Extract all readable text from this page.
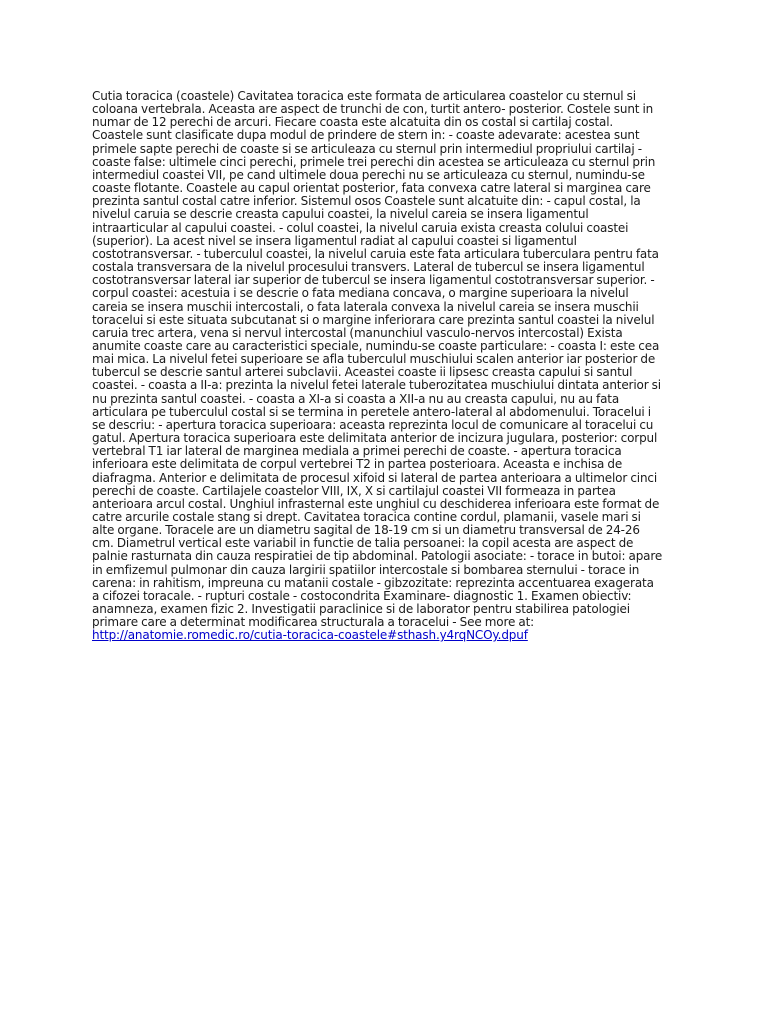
Cutia toracica (coastele) Cavitatea toracica este formata de articularea coastelor cu sternul si coloana vertebrala. Aceasta are aspect de trunchi de con, turtit antero- posterior. Costele sunt in numar de 12 perechi de arcuri. Fiecare coasta este alcatuita din os costal si cartilaj costal. Coastele sunt clasificate dupa modul de prindere de stern in: - coaste adevarate: acestea sunt primele sapte perechi de coaste si se articuleaza cu sternul prin intermediul propriului cartilaj - coaste false: ultimele cinci perechi, primele trei perechi din acestea se articuleaza cu sternul prin intermediul coastei VII, pe cand ultimele doua perechi nu se articuleaza cu sternul, numindu-se coaste flotante. Coastele au capul orientat posterior, fata convexa catre lateral si marginea care prezinta santul costal catre inferior. Sistemul osos Coastele sunt alcatuite din: - capul costal, la nivelul caruia se descrie creasta capului coastei, la nivelul careia se insera ligamentul intraarticular al capului coastei. - colul coastei, la nivelul caruia exista creasta colului coastei (superior). La acest nivel se insera ligamentul radiat al capului coastei si ligamentul costotransversar. - tuberculul coastei, la nivelul caruia este fata articulara tuberculara pentru fata costala transversara de la nivelul procesului transvers. Lateral de tubercul se insera ligamentul costotransversar lateral iar superior de tubercul se insera ligamentul costotransversar superior. - corpul coastei: acestuia i se descrie o fata mediana concava, o margine superioara la nivelul careia se insera muschii intercostali, o fata laterala convexa la nivelul careia se insera muschii toracelui si este situata subcutanat si o margine inferiorara care prezinta santul coastei la nivelul caruia trec artera, vena si nervul intercostal (manunchiul vasculo-nervos intercostal) Exista anumite coaste care au caracteristici speciale, numindu-se coaste particulare: - coasta I: este cea mai mica. La nivelul fetei superioare se afla tuberculul muschiului scalen anterior iar posterior de tubercul se descrie santul arterei subclavii. Aceastei coaste ii lipsesc creasta capului si santul coastei. - coasta a II-a: prezinta la nivelul fetei laterale tuberozitatea muschiului dintata anterior si nu prezinta santul coastei. - coasta a XI-a si coasta a XII-a nu au creasta capului, nu au fata articulara pe tuberculul costal si se termina in peretele antero-lateral al abdomenului. Toracelui i se descriu: - apertura toracica superioara: aceasta reprezinta locul de comunicare al toracelui cu gatul. Apertura toracica superioara este delimitata anterior de incizura jugulara, posterior: corpul vertebral T1 iar lateral de marginea mediala a primei perechi de coaste. - apertura toracica inferioara este delimitata de corpul vertebrei T2 in partea posterioara. Aceasta e inchisa de diafragma. Anterior e delimitata de procesul xifoid si lateral de partea anterioara a ultimelor cinci perechi de coaste. Cartilajele coastelor VIII, IX, X si cartilajul coastei VII formeaza in partea anterioara arcul costal. Unghiul infrasternal este unghiul cu deschiderea inferioara este format de catre arcurile costale stang si drept. Cavitatea toracica contine cordul, plamanii, vasele mari si alte organe. Toracele are un diametru sagital de 18-19 cm si un diametru transversal de 24-26 cm. Diametrul vertical este variabil in functie de talia persoanei: la copil acesta are aspect de palnie rasturnata din cauza respiratiei de tip abdominal. Patologii asociate: - torace in butoi: apare in emfizemul pulmonar din cauza largirii spatiilor intercostale si bombarea sternului - torace in carena: in rahitism, impreuna cu matanii costale - gibzozitate: reprezinta accentuarea exagerata a cifozei toracale. - rupturi costale - costocondrita Examinare- diagnostic 1. Examen obiectiv: anamneza, examen fizic 2. Investigatii paraclinice si de laborator pentru stabilirea patologiei primare care a determinat modificarea structurala a toracelui - See more at: http://anatomie.romedic.ro/cutia-toracica-coastele#sthash.y4rqNCOy.dpuf
